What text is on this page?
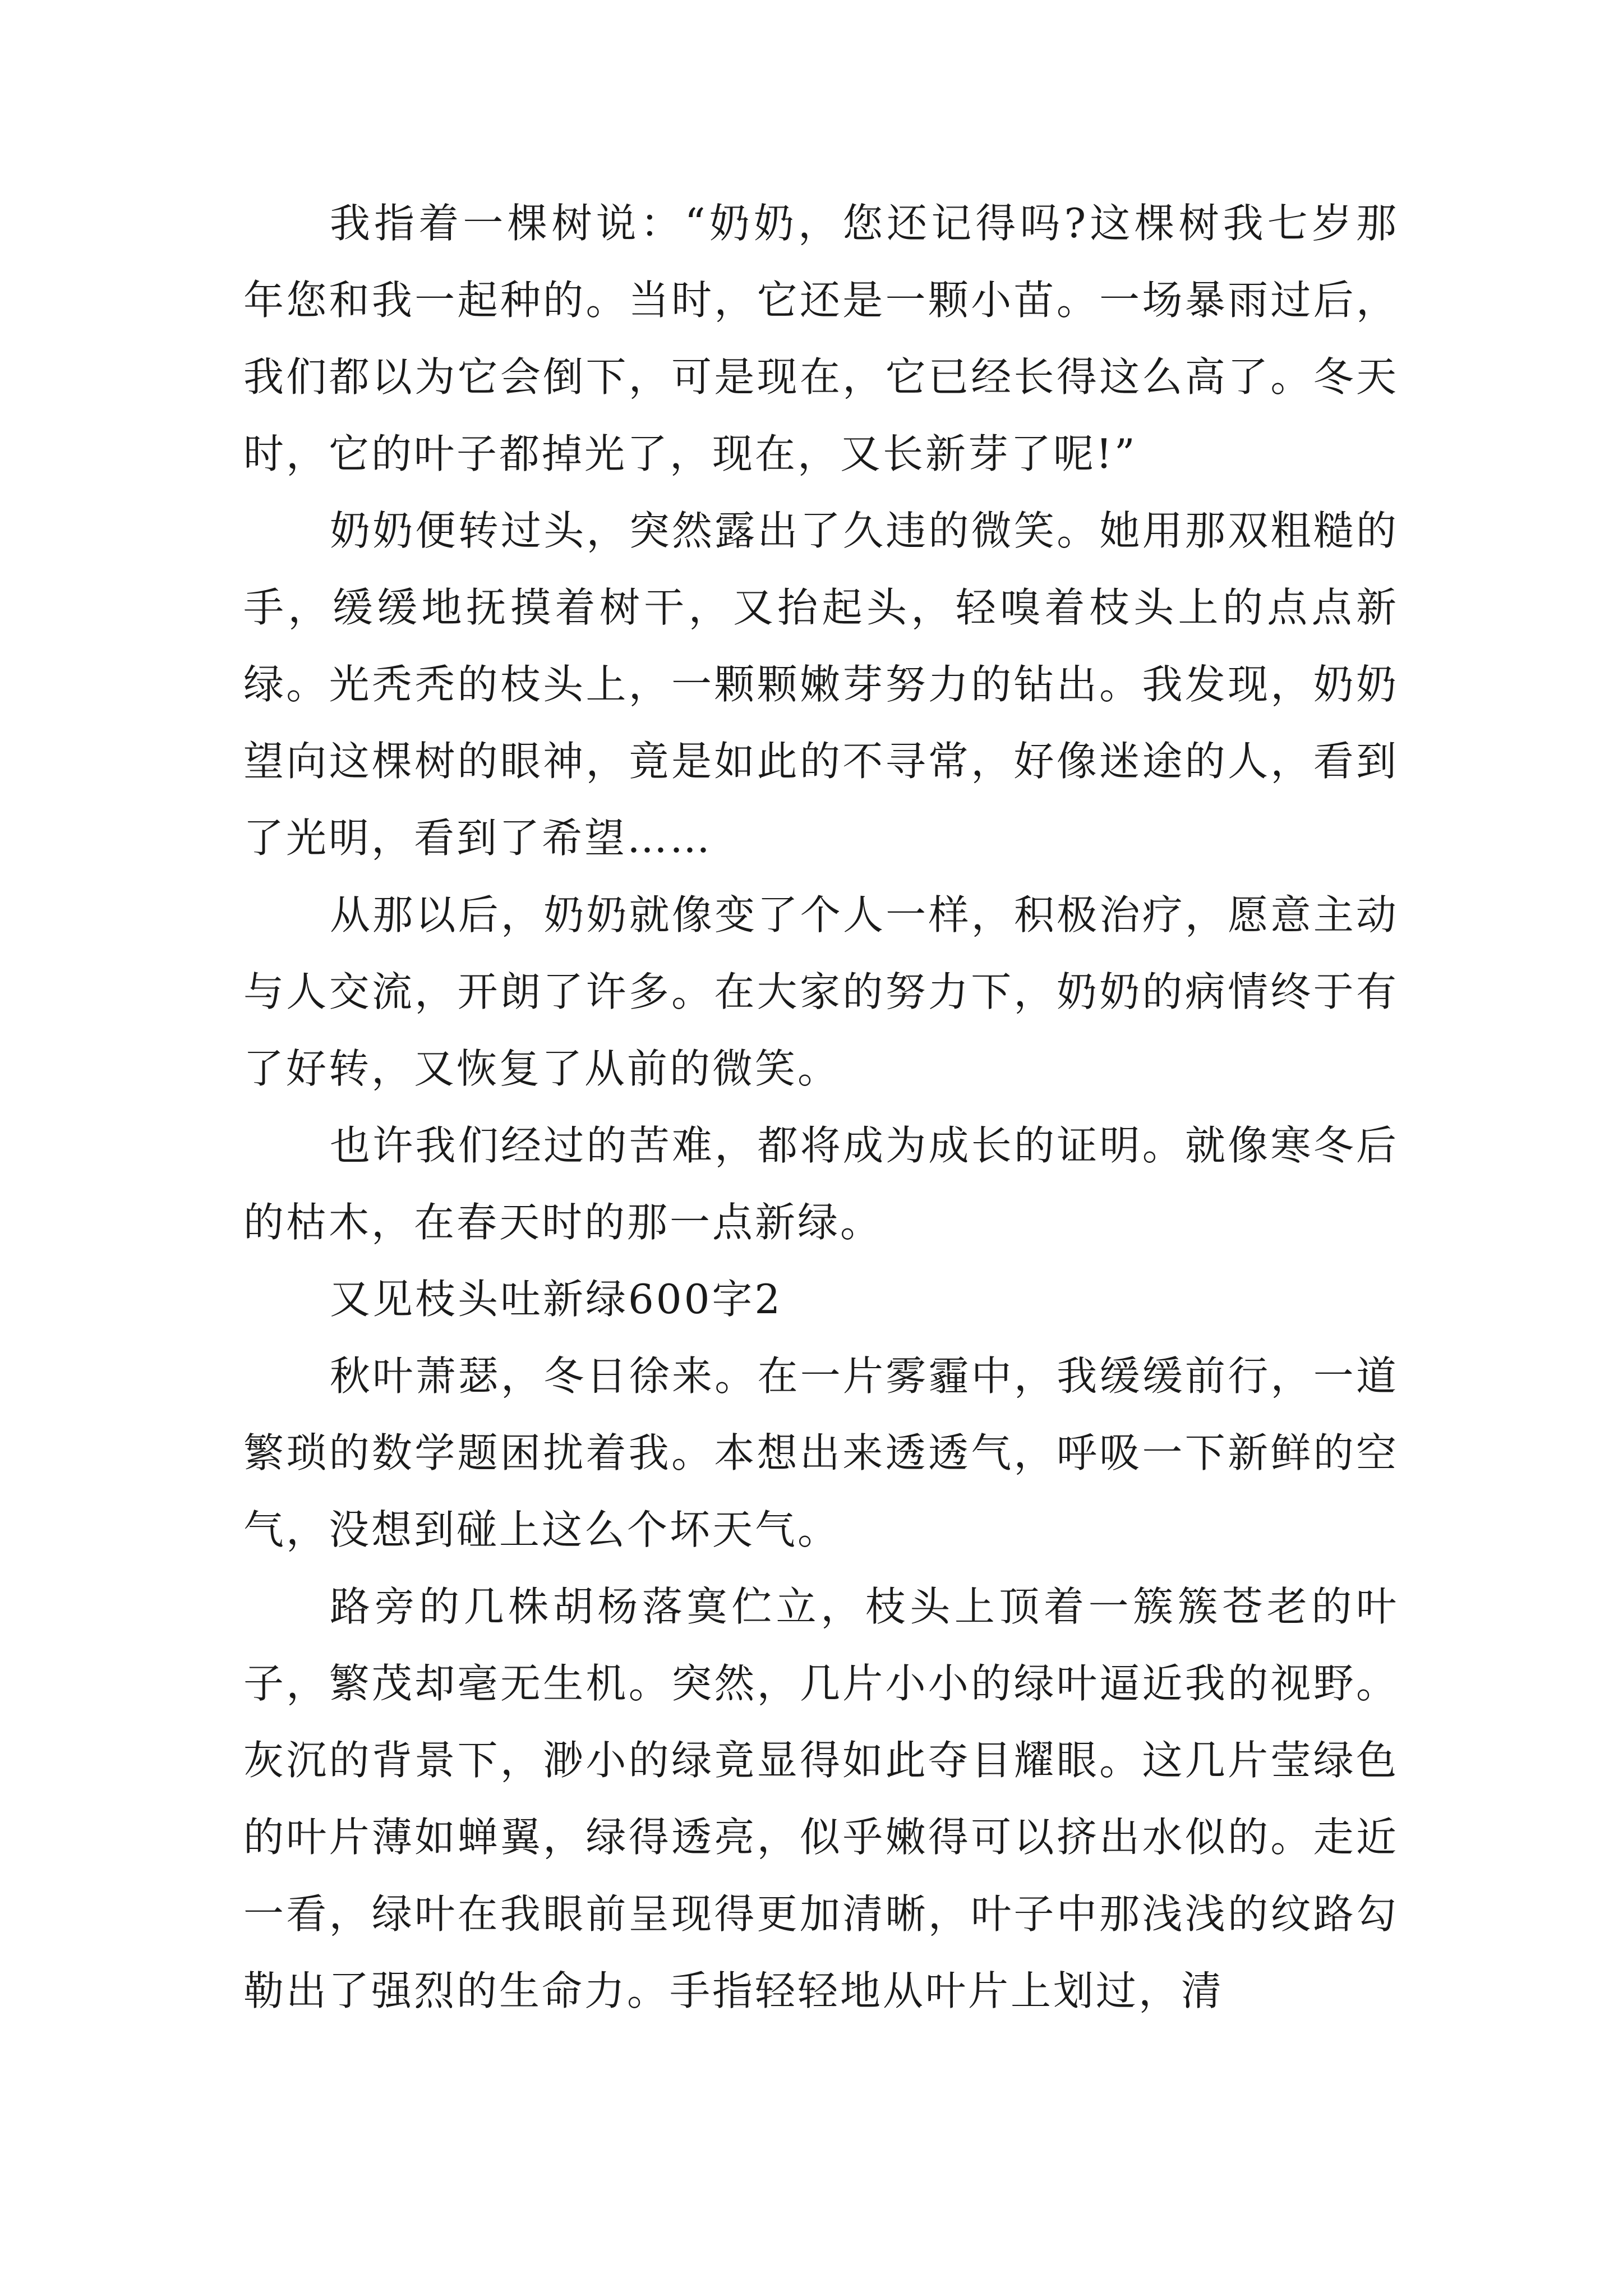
我指着一棵树说：“奶奶，您还记得吗?这棵树我七岁那年您和我一起种的。当时，它还是一颗小苗。一场暴雨过后，我们都以为它会倒下，可是现在，它已经长得这么高了。冬天时，它的叶子都掉光了，现在，又长新芽了呢!”

奶奶便转过头，突然露出了久违的微笑。她用那双粗糙的手，缓缓地抚摸着树干，又抬起头，轻嗅着枝头上的点点新绿。光秃秃的枝头上，一颗颗嫩芽努力的钻出。我发现，奶奶望向这棵树的眼神，竟是如此的不寻常，好像迷途的人，看到了光明，看到了希望……

从那以后，奶奶就像变了个人一样，积极治疗，愿意主动与人交流，开朗了许多。在大家的努力下，奶奶的病情终于有了好转，又恢复了从前的微笑。

也许我们经过的苦难，都将成为成长的证明。就像寒冬后的枯木，在春天时的那一点新绿。

又见枝头吐新绿600字2

秋叶萧瑟，冬日徐来。在一片雾霾中，我缓缓前行，一道繁琐的数学题困扰着我。本想出来透透气，呼吸一下新鲜的空气，没想到碰上这么个坏天气。

路旁的几株胡杨落寞伫立，枝头上顶着一簇簇苍老的叶子，繁茂却毫无生机。突然，几片小小的绿叶逼近我的视野。灰沉的背景下，渺小的绿竟显得如此夺目耀眼。这几片莹绿色的叶片薄如蝉翼，绿得透亮，似乎嫩得可以挤出水似的。走近一看，绿叶在我眼前呈现得更加清晰，叶子中那浅浅的纹路勾勒出了强烈的生命力。手指轻轻地从叶片上划过，清
